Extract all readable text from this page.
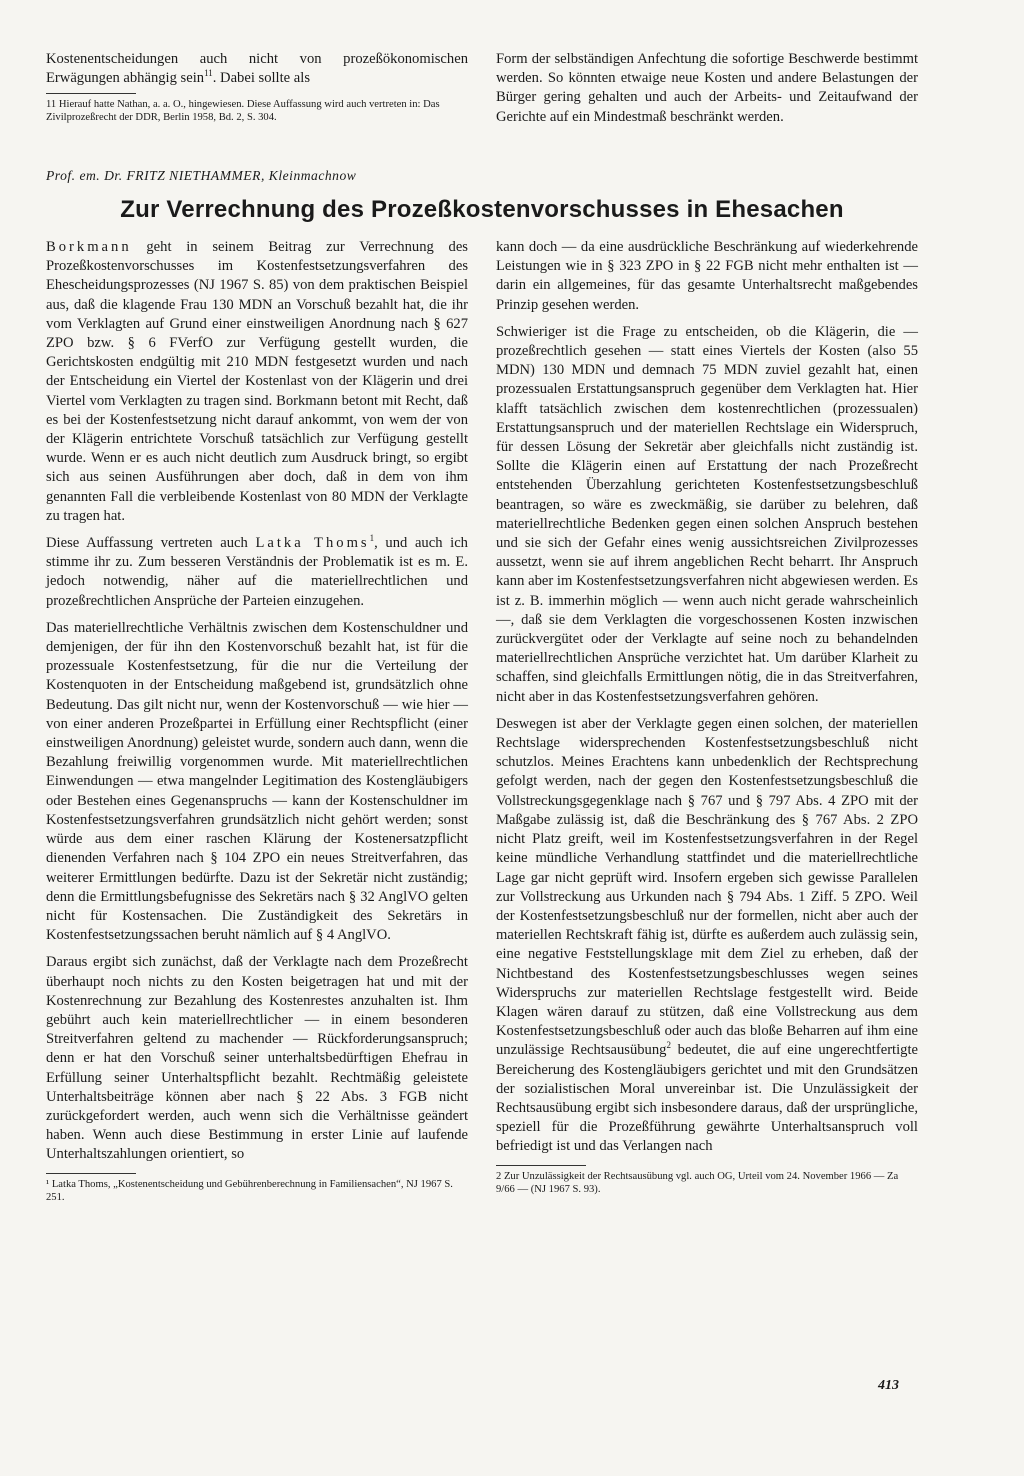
Kostenentscheidungen auch nicht von prozeßökonomischen Erwägungen abhängig sein$^{11}$. Dabei sollte als

11 Hierauf hatte Nathan, a. a. O., hingewiesen. Diese Auffassung wird auch vertreten in: Das Zivilprozeßrecht der DDR, Berlin 1958, Bd. 2, S. 304.
Prof. em. Dr. FRITZ NIETHAMMER, Kleinmachnow

Form der selbständigen Anfechtung die sofortige Beschwerde bestimmt werden. So könnten etwaige neue Kosten und andere Belastungen der Bürger gering gehalten und auch der Arbeits- und Zeitaufwand der Gerichte auf ein Mindestmaß beschränkt werden.

Zur Verrechnung des Prozeßkostenvorschusses in Ehesachen

Borkmann geht in seinem Beitrag zur Verrechnung des Prozeßkostenvorschusses im Kostenfestsetzungsverfahren des Ehescheidungsprozesses (NJ 1967 S. 85) von dem praktischen Beispiel aus, daß die klagende Frau 130 MDN an Vorschuß bezahlt hat, die ihr vom Verklagten auf Grund einer einstweiligen Anordnung nach § 627 ZPO bzw. § 6 FVerfO zur Verfügung gestellt wurden, die Gerichtskosten endgültig mit 210 MDN festgesetzt wurden und nach der Entscheidung ein Viertel der Kostenlast von der Klägerin und drei Viertel vom Verklagten zu tragen sind. Borkmann betont mit Recht, daß es bei der Kostenfestsetzung nicht darauf ankommt, von wem der von der Klägerin entrichtete Vorschuß tatsächlich zur Verfügung gestellt wurde. Wenn er es auch nicht deutlich zum Ausdruck bringt, so ergibt sich aus seinen Ausführungen aber doch, daß in dem von ihm genannten Fall die verbleibende Kostenlast von 80 MDN der Verklagte zu tragen hat.

Diese Auffassung vertreten auch Latka Thoms$^1$, und auch ich stimme ihr zu. Zum besseren Verständnis der Problematik ist es m. E. jedoch notwendig, näher auf die materiellrechtlichen und prozeßrechtlichen Ansprüche der Parteien einzugehen.

Das materiellrechtliche Verhältnis zwischen dem Kostenschuldner und demjenigen, der für ihn den Kostenvorschuß bezahlt hat, ist für die prozessuale Kostenfestsetzung, für die nur die Verteilung der Kostenquoten in der Entscheidung maßgebend ist, grundsätzlich ohne Bedeutung. Das gilt nicht nur, wenn der Kostenvorschuß — wie hier — von einer anderen Prozeßpartei in Erfüllung einer Rechtspflicht (einer einstweiligen Anordnung) geleistet wurde, sondern auch dann, wenn die Bezahlung freiwillig vorgenommen wurde. Mit materiellrechtlichen Einwendungen — etwa mangelnder Legitimation des Kostengläubigers oder Bestehen eines Gegenanspruchs — kann der Kostenschuldner im Kostenfestsetzungsverfahren grundsätzlich nicht gehört werden; sonst würde aus dem einer raschen Klärung der Kostenersatzpflicht dienenden Verfahren nach § 104 ZPO ein neues Streitverfahren, das weiterer Ermittlungen bedürfte. Dazu ist der Sekretär nicht zuständig; denn die Ermittlungsbefugnisse des Sekretärs nach § 32 AnglVO gelten nicht für Kostensachen. Die Zuständigkeit des Sekretärs in Kostenfestsetzungssachen beruht nämlich auf § 4 AnglVO.

Daraus ergibt sich zunächst, daß der Verklagte nach dem Prozeßrecht überhaupt noch nichts zu den Kosten beigetragen hat und mit der Kostenrechnung zur Bezahlung des Kostenrestes anzuhalten ist. Ihm gebührt auch kein materiellrechtlicher — in einem besonderen Streitverfahren geltend zu machender — Rückforderungsanspruch; denn er hat den Vorschuß seiner unterhaltsbedürftigen Ehefrau in Erfüllung seiner Unterhaltspflicht bezahlt. Rechtmäßig geleistete Unterhaltsbeiträge können aber nach § 22 Abs. 3 FGB nicht zurückgefordert werden, auch wenn sich die Verhältnisse geändert haben. Wenn auch diese Bestimmung in erster Linie auf laufende Unterhaltszahlungen orientiert, so

¹ Latka Thoms, „Kostenentscheidung und Gebührenberechnung in Familiensachen“, NJ 1967 S. 251.

kann doch — da eine ausdrückliche Beschränkung auf wiederkehrende Leistungen wie in § 323 ZPO in § 22 FGB nicht mehr enthalten ist — darin ein allgemeines, für das gesamte Unterhaltsrecht maßgebendes Prinzip gesehen werden.

Schwieriger ist die Frage zu entscheiden, ob die Klägerin, die — prozeßrechtlich gesehen — statt eines Viertels der Kosten (also 55 MDN) 130 MDN und demnach 75 MDN zuviel gezahlt hat, einen prozessualen Erstattungsanspruch gegenüber dem Verklagten hat. Hier klafft tatsächlich zwischen dem kostenrechtlichen (prozessualen) Erstattungsanspruch und der materiellen Rechtslage ein Widerspruch, für dessen Lösung der Sekretär aber gleichfalls nicht zuständig ist. Sollte die Klägerin einen auf Erstattung der nach Prozeßrecht entstehenden Überzahlung gerichteten Kostenfestsetzungsbeschluß beantragen, so wäre es zweckmäßig, sie darüber zu belehren, daß materiellrechtliche Bedenken gegen einen solchen Anspruch bestehen und sie sich der Gefahr eines wenig aussichtsreichen Zivilprozesses aussetzt, wenn sie auf ihrem angeblichen Recht beharrt. Ihr Anspruch kann aber im Kostenfestsetzungsverfahren nicht abgewiesen werden. Es ist z. B. immerhin möglich — wenn auch nicht gerade wahrscheinlich —, daß sie dem Verklagten die vorgeschossenen Kosten inzwischen zurückvergütet oder der Verklagte auf seine noch zu behandelnden materiellrechtlichen Ansprüche verzichtet hat. Um darüber Klarheit zu schaffen, sind gleichfalls Ermittlungen nötig, die in das Streitverfahren, nicht aber in das Kostenfestsetzungsverfahren gehören.

Deswegen ist aber der Verklagte gegen einen solchen, der materiellen Rechtslage widersprechenden Kostenfestsetzungsbeschluß nicht schutzlos. Meines Erachtens kann unbedenklich der Rechtsprechung gefolgt werden, nach der gegen den Kostenfestsetzungsbeschluß die Vollstreckungsgegenklage nach § 767 und § 797 Abs. 4 ZPO mit der Maßgabe zulässig ist, daß die Beschränkung des § 767 Abs. 2 ZPO nicht Platz greift, weil im Kostenfestsetzungsverfahren in der Regel keine mündliche Verhandlung stattfindet und die materiellrechtliche Lage gar nicht geprüft wird. Insofern ergeben sich gewisse Parallelen zur Vollstreckung aus Urkunden nach § 794 Abs. 1 Ziff. 5 ZPO. Weil der Kostenfestsetzungsbeschluß nur der formellen, nicht aber auch der materiellen Rechtskraft fähig ist, dürfte es außerdem auch zulässig sein, eine negative Feststellungsklage mit dem Ziel zu erheben, daß der Nichtbestand des Kostenfestsetzungsbeschlusses wegen seines Widerspruchs zur materiellen Rechtslage festgestellt wird. Beide Klagen wären darauf zu stützen, daß eine Vollstreckung aus dem Kostenfestsetzungsbeschluß oder auch das bloße Beharren auf ihm eine unzulässige Rechtsausübung$^2$ bedeutet, die auf eine ungerechtfertigte Bereicherung des Kostengläubigers gerichtet und mit den Grundsätzen der sozialistischen Moral unvereinbar ist. Die Unzulässigkeit der Rechtsausübung ergibt sich insbesondere daraus, daß der ursprüngliche, speziell für die Prozeßführung gewährte Unterhaltsanspruch voll befriedigt ist und das Verlangen nach

2 Zur Unzulässigkeit der Rechtsausübung vgl. auch OG, Urteil vom 24. November 1966 — Za 9/66 — (NJ 1967 S. 93).
413
